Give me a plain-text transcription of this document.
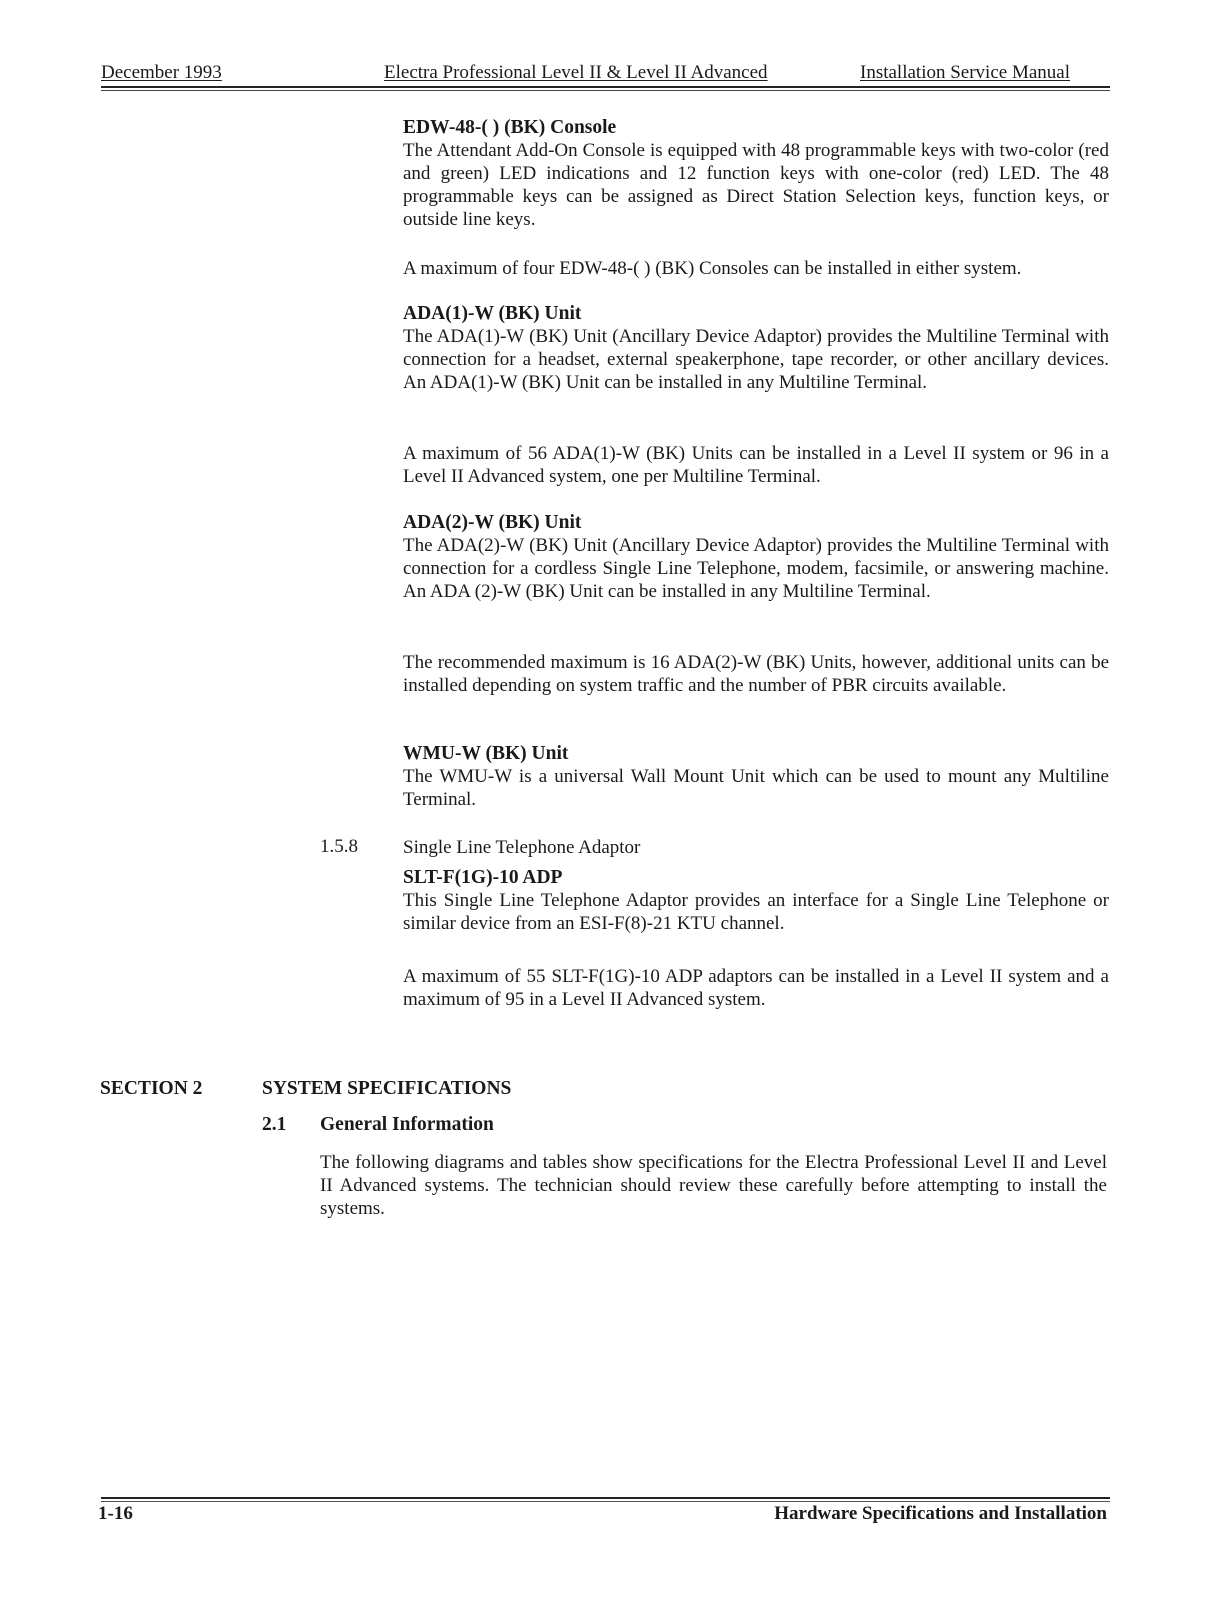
December 1993	Electra Professional Level II & Level II Advanced	Installation Service Manual

EDW-48-( ) (BK) Console

The Attendant Add-On Console is equipped with 48 programmable keys with two-color (red and green) LED indications and 12 function keys with one-color (red) LED. The 48 programmable keys can be assigned as Direct Station Selection keys, function keys, or outside line keys.

A maximum of four EDW-48-( ) (BK) Consoles can be installed in either system.

ADA(1)-W (BK) Unit

The ADA(1)-W (BK) Unit (Ancillary Device Adaptor) provides the Multiline Terminal with connection for a headset, external speakerphone, tape recorder, or other ancillary devices. An ADA(1)-W (BK) Unit can be installed in any Multiline Terminal.

A maximum of 56 ADA(1)-W (BK) Units can be installed in a Level II system or 96 in a Level II Advanced system, one per Multiline Terminal.

ADA(2)-W (BK) Unit

The ADA(2)-W (BK) Unit (Ancillary Device Adaptor) provides the Multiline Terminal with connection for a cordless Single Line Telephone, modem, facsimile, or answering machine. An ADA (2)-W (BK) Unit can be installed in any Multiline Terminal.

The recommended maximum is 16 ADA(2)-W (BK) Units, however, additional units can be installed depending on system traffic and the number of PBR circuits available.

WMU-W (BK) Unit

The WMU-W is a universal Wall Mount Unit which can be used to mount any Multiline Terminal.

1.5.8 Single Line Telephone Adaptor

SLT-F(1G)-10 ADP

This Single Line Telephone Adaptor provides an interface for a Single Line Telephone or similar device from an ESI-F(8)-21 KTU channel.

A maximum of 55 SLT-F(1G)-10 ADP adaptors can be installed in a Level II system and a maximum of 95 in a Level II Advanced system.

SECTION 2	SYSTEM SPECIFICATIONS
2.1 General Information

The following diagrams and tables show specifications for the Electra Professional Level II and Level II Advanced systems. The technician should review these carefully before attempting to install the systems.

1-16	Hardware Specifications and Installation
